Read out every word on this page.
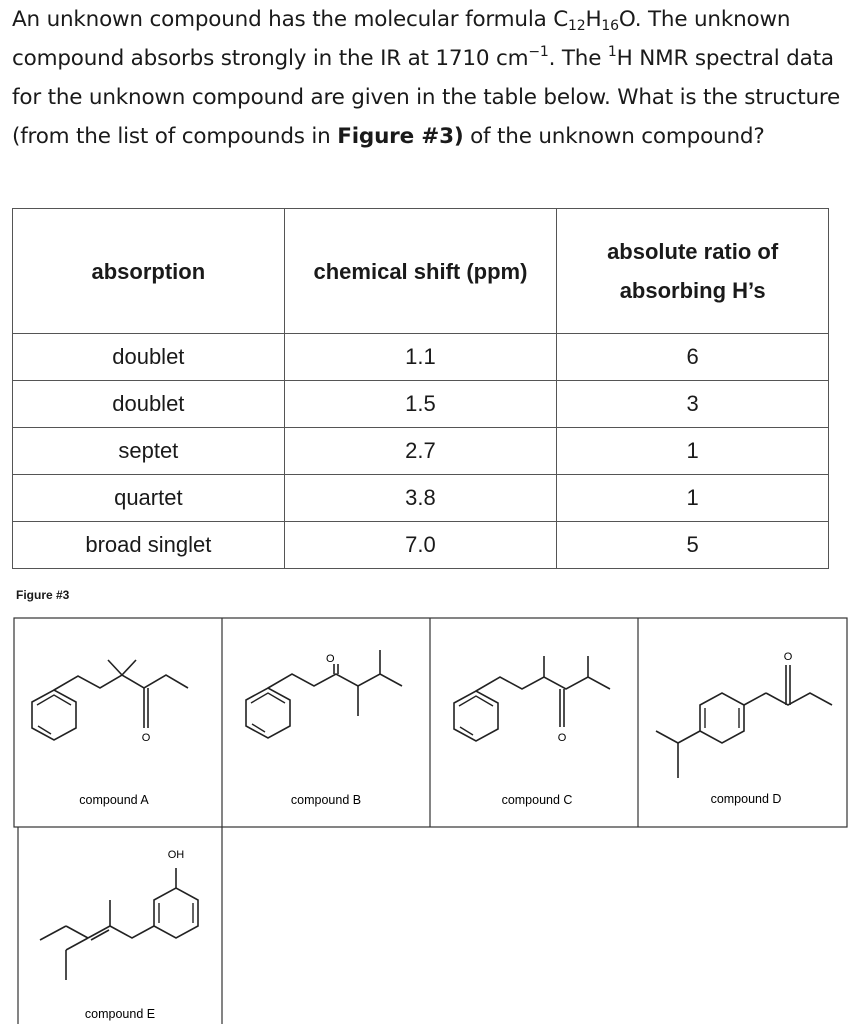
An unknown compound has the molecular formula $C_{12}H_{16}O$. The unknown compound absorbs strongly in the IR at 1710 $cm^{-1}$. The $^1$H NMR spectral data for the unknown compound are given in the table below. What is the structure (from the list of compounds in Figure #3) of the unknown compound?
absorption	chemical shift (ppm)	absolute ratio of absorbing H’s
doublet	1.1	6
doublet	1.5	3
septet	2.7	1
quartet	3.8	1
broad singlet	7.0	5
Figure #3
O
O
O
O
OH
compound A	compound B	compound C	compound D
compound E
